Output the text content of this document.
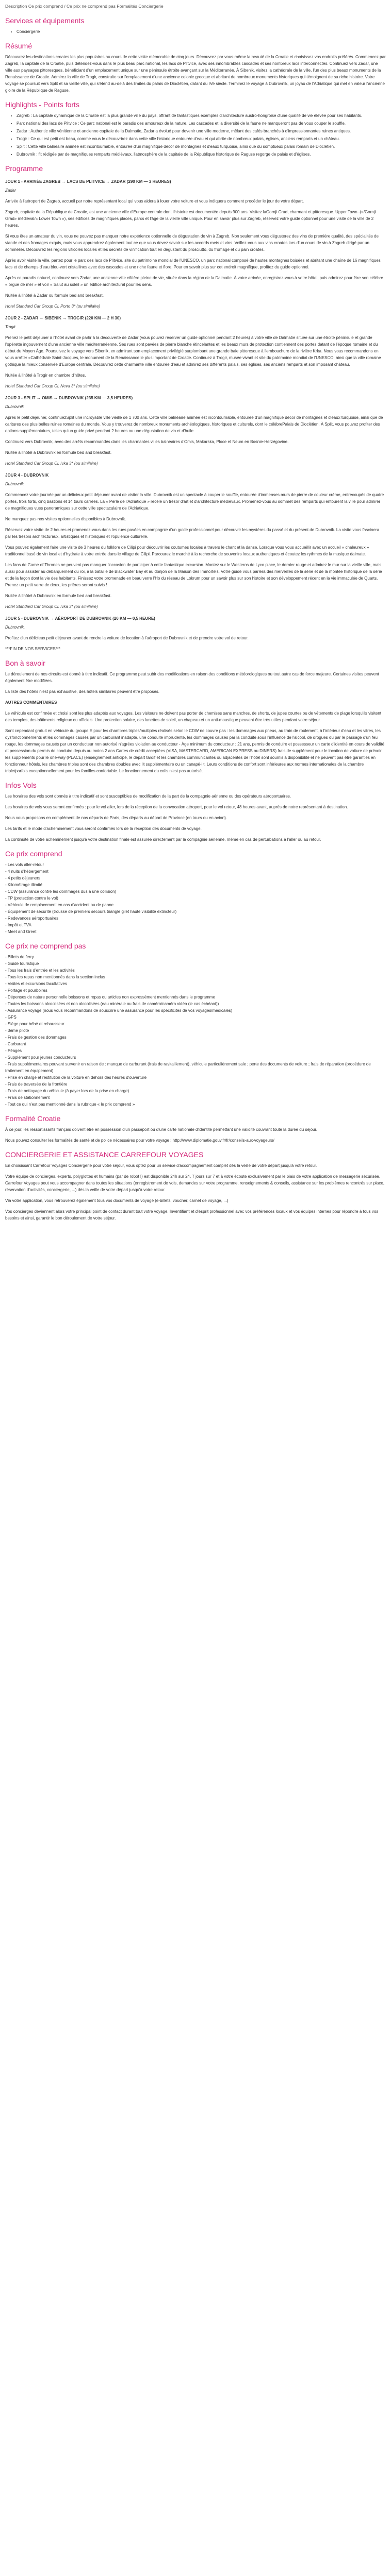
Description Ce prix comprend / Ce prix ne comprend pas Formalités Conciergerie
Services et équipements
• Conciergerie
Résumé

Découvrez les destinations croates les plus populaires au cours de cette visite mémorable de cinq jours. Découvrez par vous-même la beauté de la Croatie et choisissez vos endroits préférés. Commencez par Zagreb, la capitale de la Croatie, puis détendez-vous dans le plus beau parc national, les lacs de Plitvice, avec ses innombrables cascades et ses nombreux lacs interconnectés. Continuez vers Zadar, une ville aux paysages pittoresques, bénéficiant d'un emplacement unique sur une péninsule étroite avançant sur la Méditerranée. À Sibenik, visitez la cathédrale de la ville, l'un des plus beaux monuments de la Renaissance de Croatie. Admirez la ville de Trogir, construite sur l'emplacement d'une ancienne colonie grecque et abritant de nombreux monuments historiques qui témoignent de sa riche histoire. Votre voyage se poursuit vers Split et sa vieille ville, qui s'étend au-delà des limites du palais de Dioclétien, datant du IVe siècle. Terminez le voyage à Dubrovnik, un joyau de l'Adriatique qui met en valeur l'ancienne gloire de la République de Raguse.

Highlights - Points forts
• Zagreb : La capitale dynamique de la Croatie est la plus grande ville du pays, offrant de fantastiques exemples d'architecture austro-hongroise d'une qualité de vie élevée pour ses habitants.
• Parc national des lacs de Plitvice : Ce parc national est le paradis des amoureux de la nature. Les cascades et la diversité de la faune ne manqueront pas de vous couper le souffle.
• Zadar : Authentic ville vénitienne et ancienne capitale de la Dalmatie, Zadar a évolué pour devenir une ville moderne, mêlant des cafés branchés à d'impressionnantes ruines antiques.
• Trogir : Ce qui est petit est beau, comme vous le découvrirez dans cette ville historique entourée d'eau et qui abrite de nombreux palais, églises, anciens remparts et un château.
• Split : Cette ville balnéaire animée est incontournable, entourée d'un magnifique décor de montagnes et d'eaux turquoise, ainsi que du somptueux palais romain de Dioclétien.
• Dubrovnik : fit rédigée par de magnifiques remparts médiévaux, l'atmosphère de la capitale de la République historique de Raguse regorge de palais et d'églises.
Programme
JOUR 1 - ARRIVÉE ZAGREB → LACS DE PLITVICE → ZADAR (290 KM — 3 HEURES)

Zadar

Arrivée à l'aéroport de Zagreb, accueil par notre représentant local qui vous aidera à louer votre voiture et vous indiquera comment procéder le jour de votre départ.

Zagreb, capitale de la République de Croatie, est une ancienne ville d'Europe centrale dont l'histoire est documentée depuis 900 ans. Visitez laGornji Grad, charmant et pittoresque. Upper Town -(»/Gornji Grad» médiéval/« Lower Town »), ses édifices de magnifiques places, parcs et l'âge de la vieille ville unique. Pour en savoir plus sur Zagreb, réservez votre guide optionnel pour une visite de la ville de 2 heures.

Si vous êtes un amateur du vin, vous ne pouvez pas manquer notre expérience optionnelle de dégustation de vin à Zagreb. Non seulement vous dégusterez des vins de première qualité, des spécialités de viande et des fromages exquis, mais vous apprendrez également tout ce que vous devez savoir sur les accords mets et vins. Veillez-vous aux vins croates lors d'un cours de vin à Zagreb dirigé par un sommelier. Découvrez les régions viticoles locales et les secrets de vinification tout en dégustant du prosciutto, du fromage et du pain croates.

Après avoir visité la ville, partez pour le parc des lacs de Plitvice, site du patrimoine mondial de l'UNESCO, un parc national composé de hautes montagnes boisées et abritant une chaîne de 16 magnifiques lacs et de champs d'eau bleu-vert cristallines avec des cascades et une riche faune et flore. Pour en savoir plus sur cet endroit magnifique, profitez du guide optionnel.

Après ce paradis naturel, continuez vers Zadar, une ancienne ville côtière pleine de vie, située dans la région de la Dalmatie. À votre arrivée, enregistrez-vous à votre hôtel, puis admirez pour être son célèbre « orgue de mer » et voir « Salut au soleil » un édifice architectural pour les sens.

Nuitée à l'hôtel à Zadar ou formule bed and breakfast.

Hotel Standard Car Group Cl. Porto 3* (ou similaire)
JOUR 2 - ZADAR → SIBENIK → TROGIR (220 KM — 2 H 30)

Trogir

Prenez le petit déjeuner à l'hôtel avant de partir à la découverte de Zadar (vous pouvez réserver un guide optionnel pendant 2 heures) à votre ville de Dalmatie située sur une étroite péninsule et grande l'opérette ingouvernent d'une ancienne ville méditerranéenne. Ses rues sont pavées de pierre blanche étincelantes et les beaux murs de protection contiennent des portes datant de l'époque romaine et du début du Moyen Âge. Poursuivez le voyage vers Sibenik, en admirant son emplacement privilégié surplombant une grande baie pittoresque à l'embouchure de la rivière Krka. Nous vous recommandons en vous arrêter »Cathédrale Saint-Jacques, le monument de la Renaissance le plus important de Croatie. Continuez à Trogir, musée vivant et site du patrimoine mondial de l'UNESCO, ainsi que la ville romaine gothique la mieux conservée d'Europe centrale. Découvrez cette charmante ville entourée d'eau et admirez ses différents palais, ses églises, ses anciens remparts et son imposant château.

Nuitée à l'hôtel à Trogir en chambre d'hôtes.

Hotel Standard Car Group Cl. Neva 3* (ou similaire)
JOUR 3 - SPLIT → OMIS → DUBROVNIK (235 KM — 3,5 HEURES)

Dubrovnik

Après le petit déjeuner, continuezSplit une incroyable ville vieille de 1 700 ans. Cette ville balnéaire animée est incontournable, entourée d'un magnifique décor de montagnes et d'eaux turquoise, ainsi que de caritures des plus belles ruines romaines du monde. Vous y trouverez de nombreux monuments archéologiques, historiques et culturels, dont le célèbrePalais de Dioclétien. À Split, vous pouvez profiter des options supplémentaires, telles qu'un guide privé pendant 2 heures ou une dégustation de vin et d'huile.

Continuez vers Dubrovnik, avec des arrêts recommandés dans les charmantes villes balnéaires d'Omis, Makarska, Ploce et Neum en Bosnie-Herzégovine.

Nuitée à l'hôtel à Dubrovnik en formule bed and breakfast.

Hotel Standard Car Group Cl. Ivka 3* (ou similaire)
JOUR 4 - DUBROVNIK

Dubrovnik

Commencez votre journée par un délicieux petit déjeuner avant de visiter la ville. Dubrovnik est un spectacle à couper le souffle, entourée d'immenses murs de pierre de couleur crème, entrecoupés de quatre portes, trois forts, cinq bastions et 14 tours carrées. La « Perle de l'Adriatique » recèle un trésor d'art et d'architecture médiévaux. Promenez-vous au sommet des remparts qui entourent la ville pour admirer de magnifiques vues panoramiques sur cette ville spectaculaire de l'Adriatique.

Ne manquez pas nos visites optionnelles disponibles à Dubrovnik.

Réservez votre visite de 2 heures et promenez-vous dans les rues pavées en compagnie d'un guide professionnel pour découvrir les mystères du passé et du présent de Dubrovnik. La visite vous fascinera par les trésors architecturaux, artistiques et historiques et l'opulence culturelle.

Vous pouvez également faire une visite de 3 heures du folklore de Cilipi pour découvrir les coutumes locales à travers le chant et la danse. Lorsque vous vous accueillir avec un accueil « chaleureux » traditionnel basé de vin local et d'hydrate à votre entrée dans le village de Cilipi. Parcourez le marché à la recherche de souvenirs locaux authentiques et écoutez les rythmes de la musique dalmate.

Les fans de Game of Thrones ne peuvent pas manquer l'occasion de participer à cette fantastique excursion. Montez sur le Westeros de Lyco place, le dernier rouge et admirez le mur sur la vieille ville, mais aussi pour assister au débarquement du roi, à la bataille de Blackwater Bay et au donjon de la Maison des Immortels. Votre guide vous parlera des merveilles de la série et de la montée historique de la série et de la façon dont la vie des habitants. Finissez votre promenade en beau verre l'Ho du réseau de Lokrum pour un savoir plus sur son histoire et son développement récent en la vie immaculée de Quarts. Prenez un petit verre de deux, les prières seront suivis !

Nuitée à l'hôtel à Dubrovnik en formule bed and breakfast.

Hotel Standard Car Group Cl. Ivka 3* (ou similaire)
JOUR 5 - DUBROVNIK → AÉROPORT DE DUBROVNIK (20 KM — 0,5 HEURE)

Dubrovnik.

Profitez d'un délicieux petit déjeuner avant de rendre la voiture de location à l'aéroport de Dubrovnik et de prendre votre vol de retour.

***FIN DE NOS SERVICES***

Bon à savoir

Le déroulement de nos circuits est donné à titre indicatif. Ce programme peut subir des modifications en raison des conditions météorologiques ou tout autre cas de force majeure. Certaines visites peuvent également être modifiées.

La liste des hôtels n'est pas exhaustive, des hôtels similaires peuvent être proposés.

AUTRES COMMENTAIRES

Le véhicule est confirmée et choisi sont les plus adaptés aux voyages. Les visiteurs ne doivent pas porter de chemises sans manches, de shorts, de jupes courtes ou de vêtements de plage lorsqu'ils visitent des temples, des bâtiments religieux ou officiels. Une protection solaire, des lunettes de soleil, un chapeau et un anti-moustique peuvent être très utiles pendant votre séjour.

Sont cependant gratuit en véhicule du groupe E pour les chambres triples/multiples réalisés selon le CDW ne couvre pas : les dommages aux pneus, au train de roulement, à l'intérieur d'eau et les vitres, les dysfonctionnements et les dommages causés par un carburant inadapté, une conduite imprudente, les dommages causés par la conduite sous l'influence de l'alcool, de drogues ou par le passage d'un feu rouge, les dommages causés par un conducteur non autorisé n'agrées violation au conducteur - Âge minimum du conducteur : 21 ans, permis de conduire et possesseur un carte d'identité en cours de validité et possession du permis de conduire depuis au moins 2 ans Cartes de crédit acceptées (VISA, MASTERCARD, AMERICAN EXPRESS ou DINERS) frais de supplément pour le location de voiture de prévoir les suppléments pour le one-way (PLACE) (enseignement anticipé, le départ tardif et les chambres communicantes ou adjacentes de l'hôtel sont soumis à disponibilité et ne peuvent pas être garanties en fonctionneur hôtels, les chambres triples sont des chambres doubles avec lit supplémentaire ou un canapé-lit. Leurs conditions de confort sont inférieures aux normes internationales de la chambre triple/parfois exceptionnellement pour les familles confortable. Le fonctionnement du colis n'est pas autorisé.

Infos Vols

Les horaires des vols sont donnés à titre indicatif et sont susceptibles de modification de la part de la compagnie aérienne ou des opérateurs aéroportuaires.

Les horaires de vols vous seront confirmés : pour le vol aller, lors de la réception de la convocation aéroport, pour le vol retour, 48 heures avant, auprès de notre représentant à destination.

Nous vous proposons en complément de nos départs de Paris, des départs au départ de Province (en tours ou en avion).

Les tarifs et le mode d'acheminement vous seront confirmés lors de la réception des documents de voyage.

La continuité de votre acheminement jusqu'à votre destination finale est assurée directement par la compagnie aérienne, même en cas de perturbations à l'aller ou au retour.

Ce prix comprend
- Les vols aller-retour
- 4 nuits d'hébergement
- 4 petits déjeuners
- Kilométrage illimité
- CDW (assurance contre les dommages dus à une collision)
- TP (protection contre le vol)
- Véhicule de remplacement en cas d'accident ou de panne
- Équipement de sécurité (trousse de premiers secours triangle gilet haute visibilité extincteur)
- Redevances aéroportuaires
- Impôt et TVA
- Meet and Greet
Ce prix ne comprend pas
- Billets de ferry
- Guide touristique
- Tous les frais d'entrée et les activités
- Tous les repas non mentionnés dans la section inclus
- Visites et excursions facultatives
- Portage et pourboires
- Dépenses de nature personnelle boissons et repas ou articles non expressément mentionnés dans le programme
- Toutes les boissons alcoolisées et non alcoolisées (eau minérale ou frais de caméra/caméra vidéo (le cas échéant))
- Assurance voyage (nous vous recommandons de souscrire une assurance pour les spécificités de vos voyages/médicales)
- GPS
- Siège pour bébé et rehausseur
- 3ème pilote
- Frais de gestion des dommages
- Carburant
- Péages
- Supplément pour jeunes conducteurs
- Frais supplémentaires pouvant survenir en raison de : manque de carburant (frais de ravitaillement), véhicule particulièrement sale ; perte des documents de voiture ; frais de réparation (procédure de traitement en équipement)
- Prise en charge et restitution de la voiture en dehors des heures d'ouverture
- Frais de traversée de la frontière
- Frais de nettoyage du véhicule (à payer lors de la prise en charge)
- Frais de stationnement
- Tout ce qui n'est pas mentionné dans la rubrique « le prix comprend »
Formalité Croatie

À ce jour, les ressortissants français doivent être en possession d'un passeport ou d'une carte nationale d'identité permettant une validité couvrant toute la durée du séjour.

Nous pouvez consulter les formalités de santé et de police nécessaires pour votre voyage : http://www.diplomatie.gouv.fr/fr/conseils-aux-voyageurs/

CONCIERGERIE ET ASSISTANCE CARREFOUR VOYAGES

En choisissant Carrefour Voyages Conciergerie pour votre séjour, vous optez pour un service d'accompagnement complet dès la veille de votre départ jusqu'à votre retour.

Votre équipe de concierges, experts, polyglottes et humains (par de robot !) est disponible 24h sur 24, 7 jours sur 7 et à votre écoute exclusivement par le biais de votre application de messagerie sécurisée. Carrefour Voyages peut vous accompagner dans toutes les situations (enregistrement de vols, demandes sur votre programme, renseignements & conseils, assistance sur les problèmes rencontrés sur place, réservation d'activités, conciergerie, ...) dès la veille de votre départ jusqu'à votre retour.

Via votre application, vous retrouverez également tous vos documents de voyage (e-billets, voucher, carnet de voyage, ...)

Vos concierges deviennent alors votre principal point de contact durant tout votre voyage. Inventifiant et d'esprit professionnel avec vos préférences locaux et vos équipes internes pour répondre à tous vos besoins et ainsi, garantir le bon déroulement de votre séjour.
